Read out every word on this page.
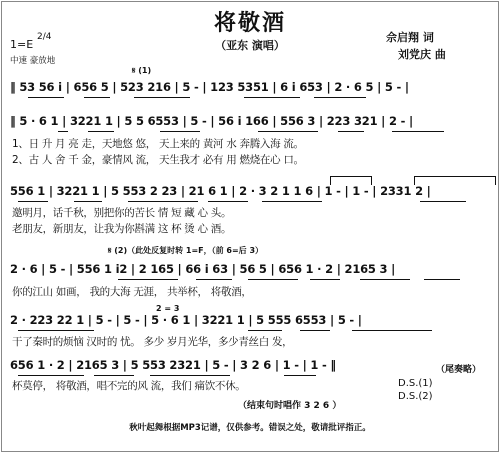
将敬酒
（亚东 演唱）
佘启翔 词
刘党庆 曲
1=E
2/4
中速 豪放地
𝄋 (1)
‖ 53 56 i | 656 5 | 523 216 | 5 - | 123 5351 | 6 i 653 | 2 · 6 5 | 5 - |
‖ 5 · 6 1 | 3221 1 | 5 5 6553 | 5 - | 56 i 166 | 556 3 | 223 321 | 2 - |
1、日 升 月 亮 走，天地悠 悠， 天上来的 黄河 水 奔腾入海 流。
2、古 人 舍 千 金，豪情风 流， 天生我才 必有 用 燃烧在心 口。
556 1 | 3221 1 | 5 553 2 23 | 21 6 1 | 2 · 3 2 1 1 6 | 1 - | 1 - | 2331 2 |
邀明月，话千秋，别把你的苦长 情 短 藏 心 头。
老朋友，新朋友，让我为你斟满 这 杯 烫 心 酒。
𝄋 (2)（此处反复时转 1=F，（前 6=后 3）
2 · 6 | 5 - | 556 1 i2 | 2 165 | 66 i 63 | 56 5 | 656 1 · 2 | 2165 3 |
你的江山 如画， 我的大海 无涯， 共举杯， 将敬酒，
2 = 3
2 · 223 22 1 | 5 - | 5 - | 5 · 6 1 | 3221 1 | 5 555 6553 | 5 - |
干了秦时的烦恼 汉时的 忧。 多少 岁月光华，多少青丝白 发，
656 1 · 2 | 2165 3 | 5 553 2321 | 5 - | 3 2 6 | 1 - | 1 - ‖
杯莫停， 将敬酒，唱不完的风 流，我们 痛饮不休。
（尾奏略）
D.S.(1)
D.S.(2)
（结束句时唱作 3 2 6 ）
秋叶起舞根据MP3记谱，仅供参考。错误之处，敬请批评指正。
